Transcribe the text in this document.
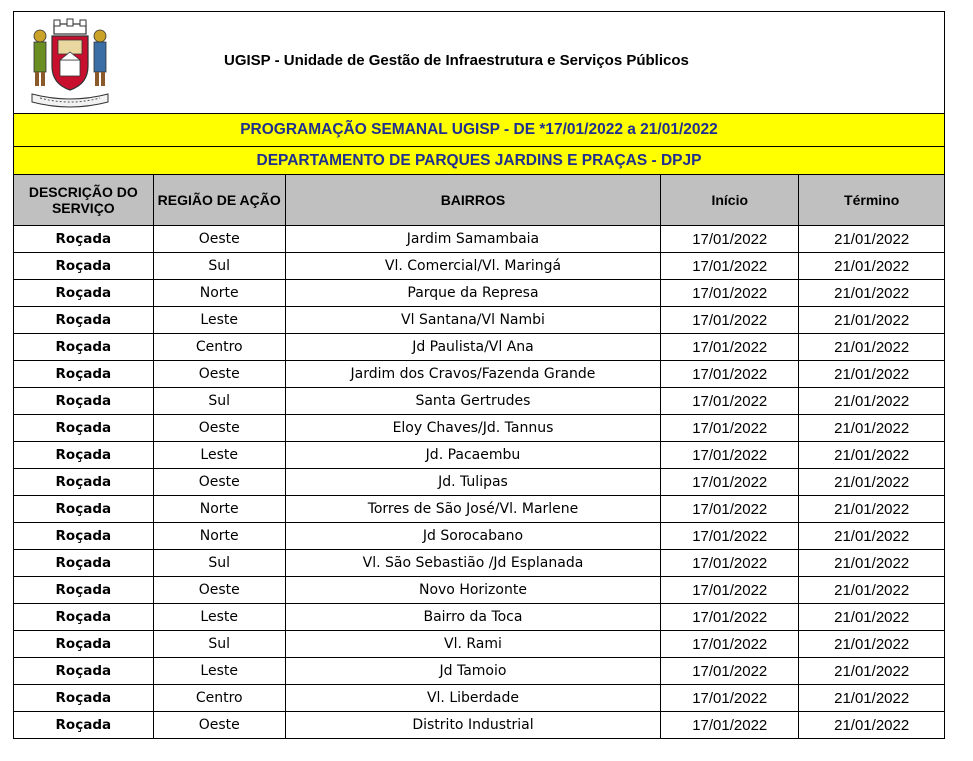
UGISP - Unidade de Gestão de Infraestrutura e Serviços Públicos
PROGRAMAÇÃO SEMANAL UGISP - DE *17/01/2022 a 21/01/2022
DEPARTAMENTO DE PARQUES JARDINS E PRAÇAS - DPJP
DESCRIÇÃO DO SERVIÇO	REGIÃO DE AÇÃO	BAIRROS	Início	Término
Roçada	Oeste	Jardim Samambaia	17/01/2022	21/01/2022
Roçada	Sul	Vl. Comercial/Vl. Maringá	17/01/2022	21/01/2022
Roçada	Norte	Parque da Represa	17/01/2022	21/01/2022
Roçada	Leste	Vl Santana/Vl Nambi	17/01/2022	21/01/2022
Roçada	Centro	Jd Paulista/Vl Ana	17/01/2022	21/01/2022
Roçada	Oeste	Jardim dos Cravos/Fazenda Grande	17/01/2022	21/01/2022
Roçada	Sul	Santa Gertrudes	17/01/2022	21/01/2022
Roçada	Oeste	Eloy Chaves/Jd. Tannus	17/01/2022	21/01/2022
Roçada	Leste	Jd. Pacaembu	17/01/2022	21/01/2022
Roçada	Oeste	Jd. Tulipas	17/01/2022	21/01/2022
Roçada	Norte	Torres de São José/Vl. Marlene	17/01/2022	21/01/2022
Roçada	Norte	Jd Sorocabano	17/01/2022	21/01/2022
Roçada	Sul	Vl. São Sebastião /Jd Esplanada	17/01/2022	21/01/2022
Roçada	Oeste	Novo Horizonte	17/01/2022	21/01/2022
Roçada	Leste	Bairro da Toca	17/01/2022	21/01/2022
Roçada	Sul	Vl. Rami	17/01/2022	21/01/2022
Roçada	Leste	Jd Tamoio	17/01/2022	21/01/2022
Roçada	Centro	Vl. Liberdade	17/01/2022	21/01/2022
Roçada	Oeste	Distrito Industrial	17/01/2022	21/01/2022
